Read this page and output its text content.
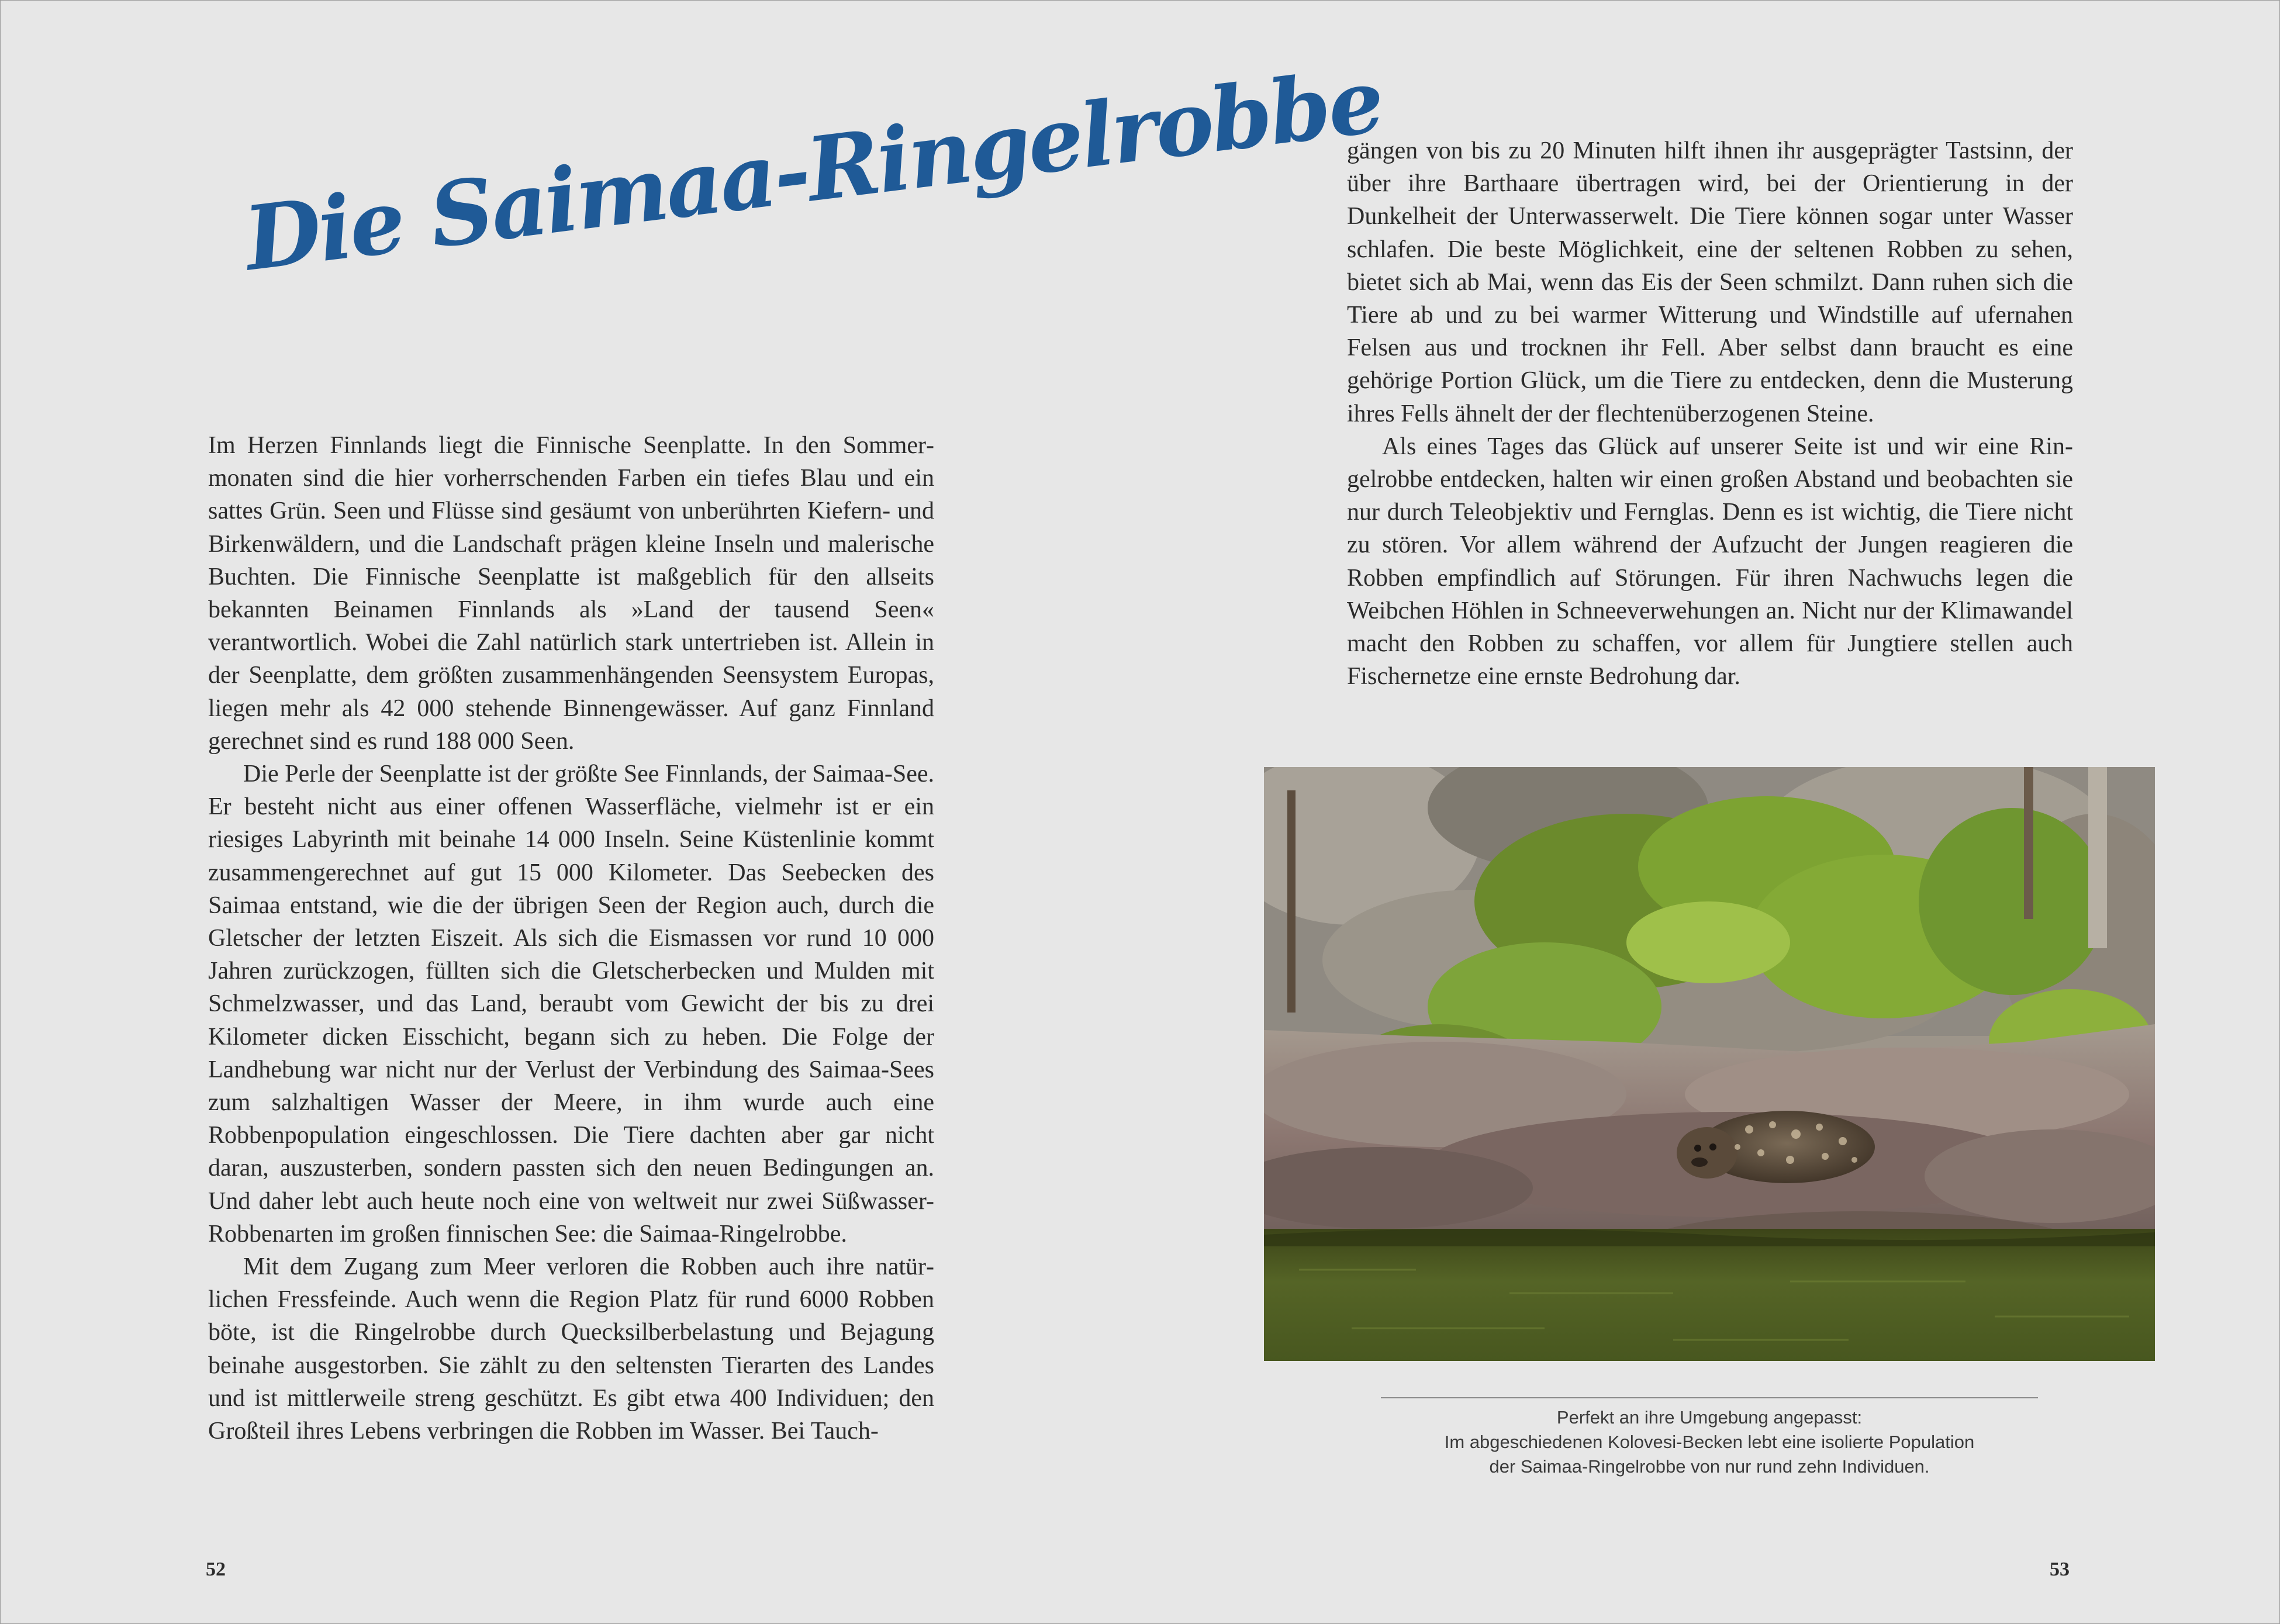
Die Saimaa-Ringelrobbe

Im Herzen Finnlands liegt die Finnische Seenplatte. In den Sommermonaten sind die hier vorherrschenden Farben ein tiefes Blau und ein sattes Grün. Seen und Flüsse sind gesäumt von unberührten Kiefern- und Birkenwäldern, und die Landschaft prägen kleine Inseln und malerische Buchten. Die Finnische Seenplatte ist maßgeblich für den allseits bekannten Beinamen Finnlands als »Land der tausend Seen« verantwortlich. Wobei die Zahl natürlich stark untertrieben ist. Allein in der Seenplatte, dem größten zusammenhängenden Seensystem Europas, liegen mehr als 42 000 stehende Binnengewässer. Auf ganz Finnland gerechnet sind es rund 188 000 Seen.

Die Perle der Seenplatte ist der größte See Finnlands, der Saimaa-See. Er besteht nicht aus einer offenen Wasserfläche, vielmehr ist er ein riesiges Labyrinth mit beinahe 14 000 Inseln. Seine Küstenlinie kommt zusammengerechnet auf gut 15 000 Kilometer. Das Seebecken des Saimaa entstand, wie die der übrigen Seen der Region auch, durch die Gletscher der letzten Eiszeit. Als sich die Eismassen vor rund 10 000 Jahren zurückzogen, füllten sich die Gletscherbecken und Mulden mit Schmelzwasser, und das Land, beraubt vom Gewicht der bis zu drei Kilometer dicken Eisschicht, begann sich zu heben. Die Folge der Landhebung war nicht nur der Verlust der Verbindung des Saimaa-Sees zum salzhaltigen Wasser der Meere, in ihm wurde auch eine Robbenpopulation eingeschlossen. Die Tiere dachten aber gar nicht daran, auszusterben, sondern passten sich den neuen Bedingungen an. Und daher lebt auch heute noch eine von weltweit nur zwei Süßwasser-Robbenarten im großen finnischen See: die Saimaa-Ringelrobbe.

Mit dem Zugang zum Meer verloren die Robben auch ihre natürlichen Fressfeinde. Auch wenn die Region Platz für rund 6000 Robben böte, ist die Ringelrobbe durch Quecksilberbelastung und Bejagung beinahe ausgestorben. Sie zählt zu den seltensten Tierarten des Landes und ist mittlerweile streng geschützt. Es gibt etwa 400 Individuen; den Großteil ihres Lebens verbringen die Robben im Wasser. Bei Tauch-

gängen von bis zu 20 Minuten hilft ihnen ihr ausgeprägter Tastsinn, der über ihre Barthaare übertragen wird, bei der Orientierung in der Dunkelheit der Unterwasserwelt. Die Tiere können sogar unter Wasser schlafen. Die beste Möglichkeit, eine der seltenen Robben zu sehen, bietet sich ab Mai, wenn das Eis der Seen schmilzt. Dann ruhen sich die Tiere ab und zu bei warmer Witterung und Windstille auf ufernahen Felsen aus und trocknen ihr Fell. Aber selbst dann braucht es eine gehörige Portion Glück, um die Tiere zu entdecken, denn die Musterung ihres Fells ähnelt der der flechtenüberzogenen Steine.

Als eines Tages das Glück auf unserer Seite ist und wir eine Ringelrobbe entdecken, halten wir einen großen Abstand und beobachten sie nur durch Teleobjektiv und Fernglas. Denn es ist wichtig, die Tiere nicht zu stören. Vor allem während der Aufzucht der Jungen reagieren die Robben empfindlich auf Störungen. Für ihren Nachwuchs legen die Weibchen Höhlen in Schneeverwehungen an. Nicht nur der Klimawandel macht den Robben zu schaffen, vor allem für Jungtiere stellen auch Fischernetze eine ernste Bedrohung dar.

Perfekt an ihre Umgebung angepasst:
Im abgeschiedenen Kolovesi-Becken lebt eine isolierte Population
der Saimaa-Ringelrobbe von nur rund zehn Individuen.
52	53
